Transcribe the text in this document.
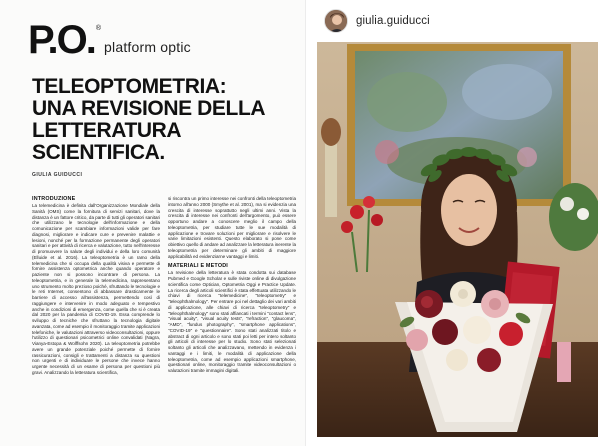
P.O. ®
platform optic
TELEOPTOMETRIA:
UNA REVISIONE DELLA
LETTERATURA SCIENTIFICA.
GIULIA GUIDUCCI
INTRODUZIONE

La telemedicina è definita dall'Organizzazione Mondiale della Sanità (OMS) come la fornitura di servizi sanitari, dove la distanza è un fattore critico, da parte di tutti gli operatori sanitari che utilizzano le tecnologie dell'informazione e della comunicazione per scambiare informazioni valide per fare diagnosi, migliorare e indicare cure e prevenire malattie e lesioni, nonché per la formazione permanente degli operatori sanitari e per attività di ricerca e valutazione, tutto nell'interesse di promuovere la salute degli individui e della loro comunità (Elluide et al. 2016). La teleoptometria è un ramo della telemedicina che si occupa della qualità visiva e permette di fornire assistenza optometrica anche quando operatore e paziente non si possono incontrare di persona. La teleoptometria, e in generale la telemedicina, rappresentano uno strumento molto prezioso poiché, sfruttando le tecnologie e le reti Internet, consentono di abbassare drasticamente le barriere di accesso all'assistenza, permettendo così di raggiungere e intervenire in modo adeguato e tempestivo anche in condizioni di emergenza, come quella che si è creata dal 2020 per la pandemia di COVID-19. Essa comprende lo sviluppo di tecniche che sfruttano la tecnologia digitale avanzata, come ad esempio il monitoraggio tramite applicazioni telefoniche, le valutazioni attraverso videoconsultazioni, oppure l'utilizzo di questionari psicometrici online convalidati (Nagra, Vianya-Estopa & Wolffsohn 2020). La teleoptometria potrebbe avere un grande potenziale poiché permette di fornire rassicurazioni, consigli e trattamenti a distanza su questioni non urgenti e di individuare le persone che invece hanno urgente necessità di un esame di persona per questioni più gravi. Analizzando la letteratura scientifica,

si riscontra un primo interesse nei confronti della teleoptometria intorno all'anno 2000 (Smythe et al. 2001), ma si evidenzia una crescita di interesse soprattutto negli ultimi anni. Vista la crescita di interesse nei confronti dell'argomento, può essere opportuno andare a conoscere meglio il campo della teleoptometria, per studiare tutte le sue modalità di applicazione e trovare soluzioni per migliorare e risolvere le varie limitazioni esistenti. Questo elaborato si pone come obiettivo quello di andare ad analizzare la letteratura inerente la teleoptometria per determinare gli ambiti di maggiore applicabilità ed evidenziarne vantaggi e limiti.

MATERIALI E METODI

La revisione della letteratura è stata condotta sui database Pubmed e Google Scholar e sulle riviste online di divulgazione scientifica come Optician, Optometria Oggi e Practice Update. La ricerca degli articoli scientifici è stata effettuata utilizzando le chiavi di ricerca "telemedicine", "teleoptometry" e "teleophthalmology". Per entrare poi nel dettaglio dei vari ambiti di applicazione, alle chiavi di ricerca "teleoptometry" e "teleophthalmology" sono stati affiancati i termini "contact lens", "visual acuity", "visual acuity tests", "refraction", "glaucoma", "AMD", "fundus photography", "smartphone applications", "COVID-19" e "questionnaire". Sono stati analizzati titolo e abstract di ogni articolo e sono stati poi letti per intero soltanto gli articoli di interesse per lo studio. Sono stati selezionati soltanto gli articoli che analizzavano, mettendo in evidenza i vantaggi e i limiti, le modalità di applicazione della teleoptometria, come ad esempio applicazioni smartphone, questionari online, monitoraggio tramite videoconsultazioni o valutazioni tramite immagini digitali.

giulia.guiducci
